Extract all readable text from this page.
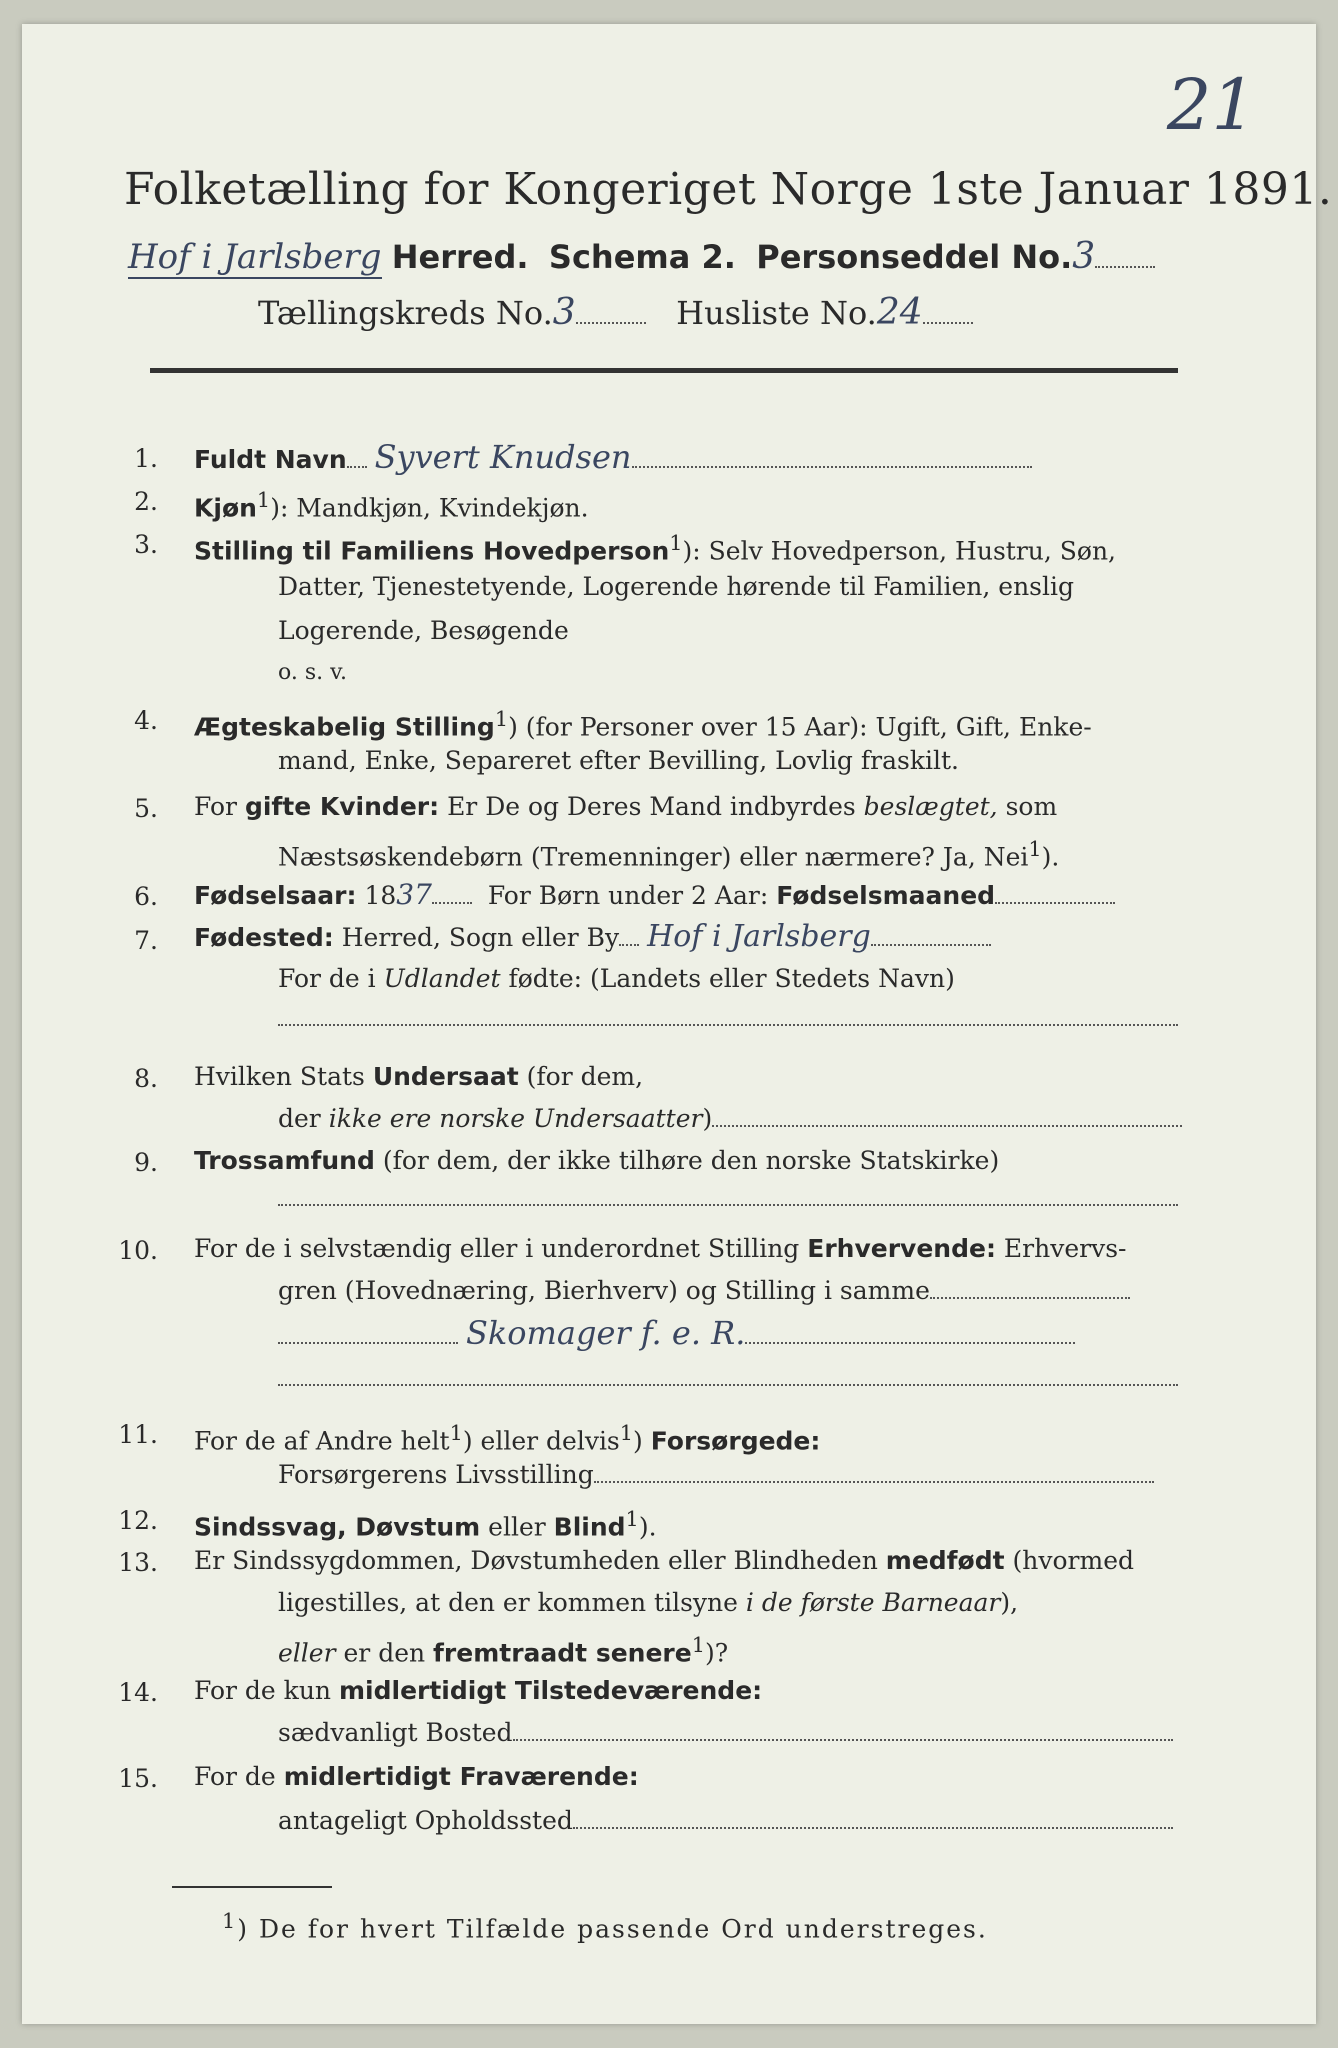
21
Folketælling for Kongeriget Norge 1ste Januar 1891.
Hof i Jarlsberg Herred. Schema 2. Personseddel No.3
Tællingskreds No.3	Husliste No.24
1. Fuldt Navn Syvert Knudsen
2. Kjøn$^1$): Mandkjøn, Kvindekjøn.
3. Stilling til Familiens Hovedperson$^1$): Selv Hovedperson, Hustru, Søn,
Datter, Tjenestetyende, Logerende hørende til Familien, enslig
Logerende, Besøgende
o. s. v.
4. Ægteskabelig Stilling$^1$) (for Personer over 15 Aar): Ugift, Gift, Enke-
mand, Enke, Separeret efter Bevilling, Lovlig fraskilt.
5. For gifte Kvinder: Er De og Deres Mand indbyrdes beslægtet, som
Næstsøskendebørn (Tremenninger) eller nærmere? Ja, Nei$^1$).
6. Fødselsaar: 1837 For Børn under 2 Aar: Fødselsmaaned
7. Fødested: Herred, Sogn eller By Hof i Jarlsberg
For de i Udlandet fødte: (Landets eller Stedets Navn)
8. Hvilken Stats Undersaat (for dem,
der ikke ere norske Undersaatter)
9. Trossamfund (for dem, der ikke tilhøre den norske Statskirke)
10. For de i selvstændig eller i underordnet Stilling Erhvervende: Erhvervs-
gren (Hovednæring, Bierhverv) og Stilling i samme
Skomager f. e. R.
11. For de af Andre helt$^1$) eller delvis$^1$) Forsørgede:
Forsørgerens Livsstilling
12. Sindssvag, Døvstum eller Blind$^1$).
13. Er Sindssygdommen, Døvstumheden eller Blindheden medfødt (hvormed
ligestilles, at den er kommen tilsyne i de første Barneaar),
eller er den fremtraadt senere$^1$)?
14. For de kun midlertidigt Tilstedeværende:
sædvanligt Bosted
15. For de midlertidigt Fraværende:
antageligt Opholdssted
$^1$) De for hvert Tilfælde passende Ord understreges.
